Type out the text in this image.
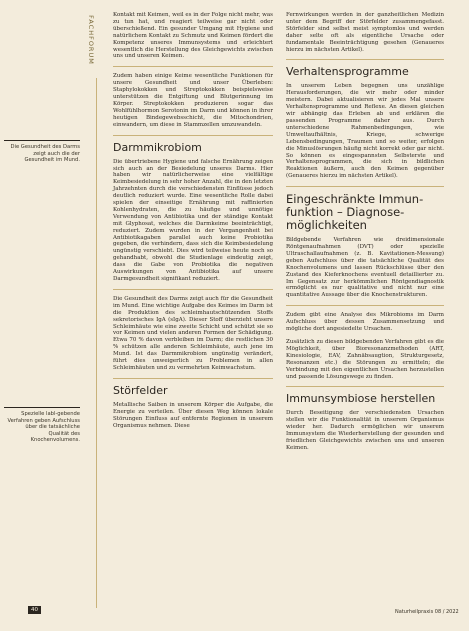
FACHFORUM
Die Gesundheit des Darms zeigt auch die der Gesundheit im Mund.
Spezielle labl-gebende Verfahren geben Aufschluss über die tatsächliche Qualität des Knochenvolumens.

Kontakt mit Keimen, weil es in der Folge nicht mehr, was zu tun hat, und reagiert teilweise gar nicht oder überschießend. Ein gesunder Umgang mit Hygiene und natürlichem Kontakt zu Schmutz und Keimen fördert die Kompetenz unseres Immunsystems und erleichtert wesentlich die Herstellung des Gleichgewichts zwischen uns und unseren Keimen.

Zudem haben einige Keime wesentliche Funktionen für unsere Gesundheit und unser Überleben: Staphylokokken und Streptokokken beispielsweise unterstützen die Entgiftung und Blutgerinnung im Körper. Streptokokken produzieren sogar das Wohlfühlhormon Serotonin im Darm und können in ihrer heutigen Bindegewebsschicht, die Mitochondrien, einwandern, um diese in Stammzellen umzuwandeln.

Darmmikrobiom

Die übertriebene Hygiene und falsche Ernährung zeigen sich auch an der Besiedelung unseres Darms. Hier haben wir natürlicherweise eine vielfältige Keimbesiedelung in sehr hoher Anzahl, die in den letzten Jahrzehnten durch die verschiedensten Einflüsse jedoch deutlich reduziert wurde. Eine wesentliche Rolle dabei spielen der einseitige Ernährung mit raffinierten Kohlenhydraten, die zu häufige und unnötige Verwendung von Antibiotika und der ständige Kontakt mit Glyphosat, welches die Darmkeime beeinträchtigt, reduziert. Zudem wurden in der Vergangenheit bei Antibiotikagaben parallel auch keine Probiotika gegeben, die verhindern, dass sich die Keimbesiedelung ungünstig verschiebt. Dies wird teilweise heute noch so gehandhabt, obwohl die Studienlage eindeutig zeigt, dass die Gabe von Probiotika die negativen Auswirkungen von Antibiotika auf unsere Darmgesundheit signifikant reduziert.

Die Gesundheit des Darms zeigt auch für die Gesundheit im Mund. Eine wichtige Aufgabe des Keimes im Darm ist die Produktion des schleimhautschützenden Stoffs sekretorisches IgA (sIgA). Dieser Stoff überzieht unsere Schleimhäute wie eine zweite Schicht und schützt sie so vor Keimen und vielen anderen Formen der Schädigung. Etwa 70 % davon verbleiben im Darm; die restlichen 30 % schützen alle anderen Schleimhäute, auch jene im Mund. Ist das Darmmikrobiom ungünstig verändert, führt dies unweigerlich zu Problemen in allen Schleimhäuten und zu vermehrten Keimwachstum.

Störfelder

Metallische Saiben in unserem Körper die Aufgabe, die Energie zu verteilen. Über diesen Weg können lokale Störungen Einfluss auf entfernte Regionen in unserem Organismus nehmen. Diese

Fernwirkungen werden in der ganzheitlichen Medizin unter dem Begriff der Störfelder zusammengefasst. Störfelder sind selbst meist symptomlos und werden daher selte oft als eigentliche Ursache oder fundamentale Beeinträchtigung gesehen (Genaueres hierzu im nächsten Artikel).

Verhaltensprogramme

In unserem Leben begegnen uns unzählige Herausforderungen, die wir mehr oder minder meistern. Dabei aktualisieren wir jedes Mal unsere Verhaltensprogramme und Reflexe. An diesen gleichen wir abhängig das Erleben ab und erklären die passenden Programme daher aus. Durch unterschiedene Rahmenbedingungen, wie Umweltaufhältnis, Kriege, schwerige Lebensbedingungen, Traumen und so weiter, erfolgen die Minuslösrungen häufig nicht korrekt oder gar nicht. So können es eingespannsten Selbsterste und Verhaltensprogrammen, die sich in bildlichen Reaktionen äußern, auch den Keimen gegenüber (Genaueres hierzu im nächsten Artikel).

Eingeschränkte Immun-
funktion – Diagnose-
möglichkeiten

Bildgebende Verfahren wie dreidimensionale Röntgenaufnahmen (DVT) oder spezielle Ultraschallaufnahmen (z. B. Kavitationen-Messung) geben Aufschluss über die tatsächliche Qualität des Knochenvolumens und lassen Rückschlüsse über den Zustand des Kieferknochens eventuell detaillierter zu. Im Gegensatz zur herkömmlichen Röntgendiagnostik ermöglicht es nur qualitative und nicht nur eine quantitative Aussage über die Knochenstrukturen.

Zudem gibt eine Analyse des Mikrobioms im Darm Aufschluss über dessen Zusammensetzung und mögliche dort angesiedelte Ursachen.

Zusätzlich zu diesen bildgebenden Verfahren gibt es die Möglichkeit, über Bioresonanzmethoden (ART, Kinesiologie, EAV, Zahnäbsaugtion, Strukturgesetz, Resonanzen etc.) die Störungen zu ermitteln; die Verbindung mit den eigentlichen Ursachen herzustellen und passende Lösungswege zu finden.

Immunsymbiose herstellen

Durch Beseitigung der verschiedensten Ursachen stellen wir die Funktionalität in unserem Organismus wieder her. Dadurch ermöglichen wir unserem Immunsystem die Wiederherstellung der gesunden und friedlichen Gleichgewichts zwischen uns und unseren Keimen.

40	Naturheilpraxis 08 / 2022
